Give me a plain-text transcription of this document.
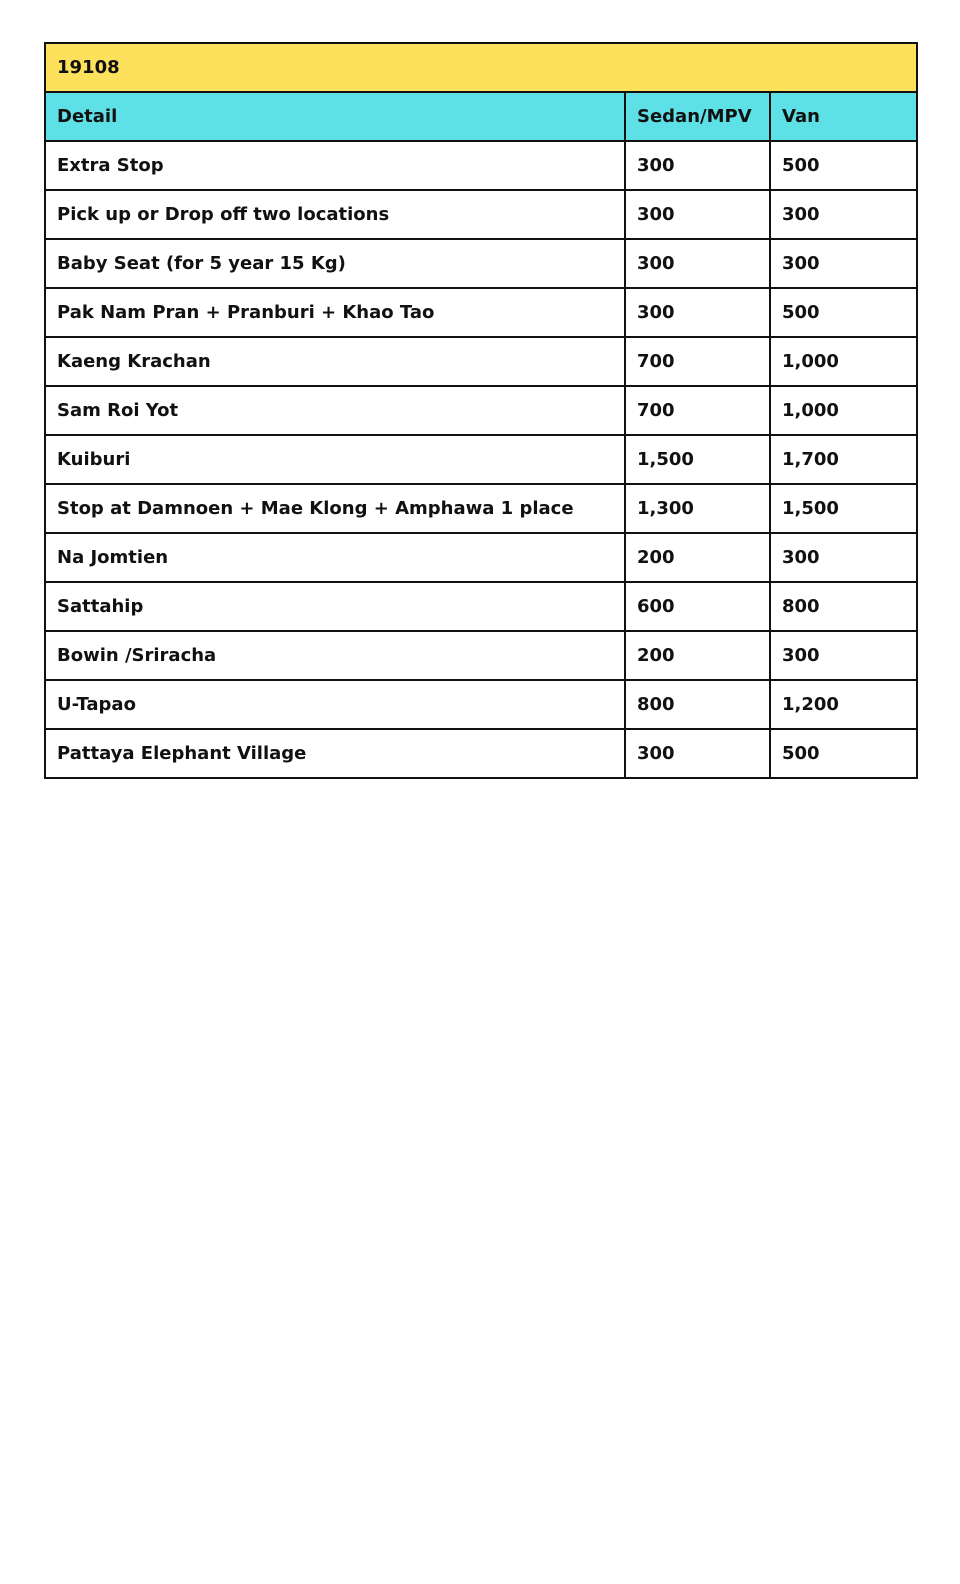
19108		
Detail	Sedan/MPV	Van
Extra Stop	300	500
Pick up or Drop off two locations	300	300
Baby Seat (for 5 year 15 Kg)	300	300
Pak Nam Pran + Pranburi + Khao Tao	300	500
Kaeng Krachan	700	1,000
Sam Roi Yot	700	1,000
Kuiburi	1,500	1,700
Stop at Damnoen + Mae Klong + Amphawa 1 place	1,300	1,500
Na Jomtien	200	300
Sattahip	600	800
Bowin /Sriracha	200	300
U-Tapao	800	1,200
Pattaya Elephant Village	300	500
